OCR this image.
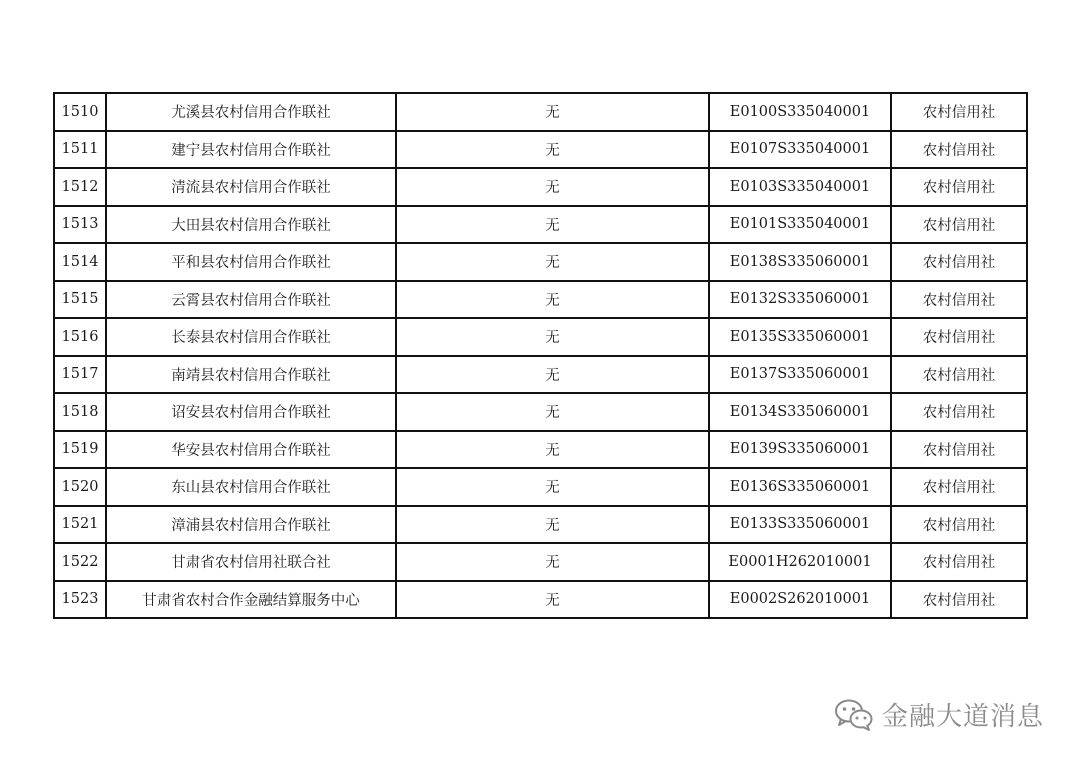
1510	尤溪县农村信用合作联社	无	E0100S335040001	农村信用社
1511	建宁县农村信用合作联社	无	E0107S335040001	农村信用社
1512	清流县农村信用合作联社	无	E0103S335040001	农村信用社
1513	大田县农村信用合作联社	无	E0101S335040001	农村信用社
1514	平和县农村信用合作联社	无	E0138S335060001	农村信用社
1515	云霄县农村信用合作联社	无	E0132S335060001	农村信用社
1516	长泰县农村信用合作联社	无	E0135S335060001	农村信用社
1517	南靖县农村信用合作联社	无	E0137S335060001	农村信用社
1518	诏安县农村信用合作联社	无	E0134S335060001	农村信用社
1519	华安县农村信用合作联社	无	E0139S335060001	农村信用社
1520	东山县农村信用合作联社	无	E0136S335060001	农村信用社
1521	漳浦县农村信用合作联社	无	E0133S335060001	农村信用社
1522	甘肃省农村信用社联合社	无	E0001H262010001	农村信用社
1523	甘肃省农村合作金融结算服务中心	无	E0002S262010001	农村信用社
金融大道消息
